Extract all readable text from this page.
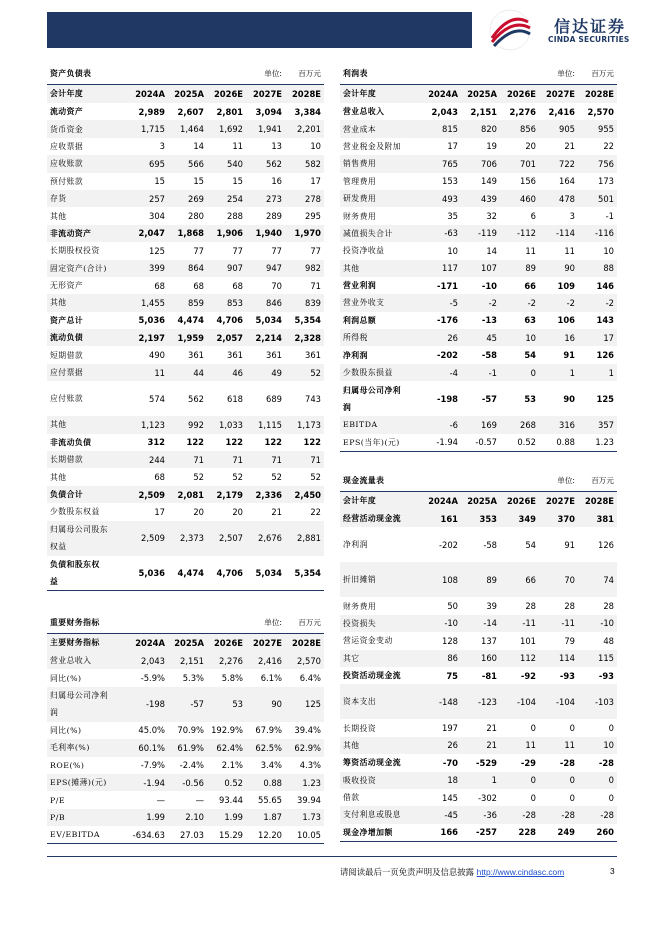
信达证券
CINDA SECURITIES
资产负债表				单位:	百万元
会计年度	2024A	2025A	2026E	2027E	2028E
流动资产	2,989	2,607	2,801	3,094	3,384
货币资金	1,715	1,464	1,692	1,941	2,201
应收票据	3	14	11	13	10
应收账款	695	566	540	562	582
预付账款	15	15	15	16	17
存货	257	269	254	273	278
其他	304	280	288	289	295
非流动资产	2,047	1,868	1,906	1,940	1,970
长期股权投资	125	77	77	77	77
固定资产(合计)	399	864	907	947	982
无形资产	68	68	68	70	71
其他	1,455	859	853	846	839
资产总计	5,036	4,474	4,706	5,034	5,354
流动负债	2,197	1,959	2,057	2,214	2,328
短期借款	490	361	361	361	361
应付票据	11	44	46	49	52
应付账款	574	562	618	689	743
其他	1,123	992	1,033	1,115	1,173
非流动负债	312	122	122	122	122
长期借款	244	71	71	71	71
其他	68	52	52	52	52
负债合计	2,509	2,081	2,179	2,336	2,450
少数股东权益	17	20	20	21	22
归属母公司股东
权益	2,509	2,373	2,507	2,676	2,881
负债和股东权
益	5,036	4,474	4,706	5,034	5,354
利润表				单位:	百万元
会计年度	2024A	2025A	2026E	2027E	2028E
营业总收入	2,043	2,151	2,276	2,416	2,570
营业成本	815	820	856	905	955
营业税金及附加	17	19	20	21	22
销售费用	765	706	701	722	756
管理费用	153	149	156	164	173
研发费用	493	439	460	478	501
财务费用	35	32	6	3	-1
减值损失合计	-63	-119	-112	-114	-116
投资净收益	10	14	11	11	10
其他	117	107	89	90	88
营业利润	-171	-10	66	109	146
营业外收支	-5	-2	-2	-2	-2
利润总额	-176	-13	63	106	143
所得税	26	45	10	16	17
净利润	-202	-58	54	91	126
少数股东损益	-4	-1	0	1	1
归属母公司净利
润	-198	-57	53	90	125
EBITDA	-6	169	268	316	357
EPS(当年)(元)	-1.94	-0.57	0.52	0.88	1.23
重要财务指标				单位:	百万元
主要财务指标	2024A	2025A	2026E	2027E	2028E
营业总收入	2,043	2,151	2,276	2,416	2,570
同比(%)	-5.9%	5.3%	5.8%	6.1%	6.4%
归属母公司净利
润	-198	-57	53	90	125
同比(%)	45.0%	70.9%	192.9%	67.9%	39.4%
毛利率(%)	60.1%	61.9%	62.4%	62.5%	62.9%
ROE(%)	-7.9%	-2.4%	2.1%	3.4%	4.3%
EPS(摊薄)(元)	-1.94	-0.56	0.52	0.88	1.23
P/E	—	—	93.44	55.65	39.94
P/B	1.99	2.10	1.99	1.87	1.73
EV/EBITDA	-634.63	27.03	15.29	12.20	10.05
现金流量表				单位:	百万元
会计年度	2024A	2025A	2026E	2027E	2028E
经营活动现金流	161	353	349	370	381
净利润	-202	-58	54	91	126
折旧摊销	108	89	66	70	74
财务费用	50	39	28	28	28
投资损失	-10	-14	-11	-11	-10
营运资金变动	128	137	101	79	48
其它	86	160	112	114	115
投资活动现金流	75	-81	-92	-93	-93
资本支出	-148	-123	-104	-104	-103
长期投资	197	21	0	0	0
其他	26	21	11	11	10
筹资活动现金流	-70	-529	-29	-28	-28
吸收投资	18	1	0	0	0
借款	145	-302	0	0	0
支付利息或股息	-45	-36	-28	-28	-28
现金净增加额	166	-257	228	249	260
请阅读最后一页免责声明及信息披露 http://www.cindasc.com	3
